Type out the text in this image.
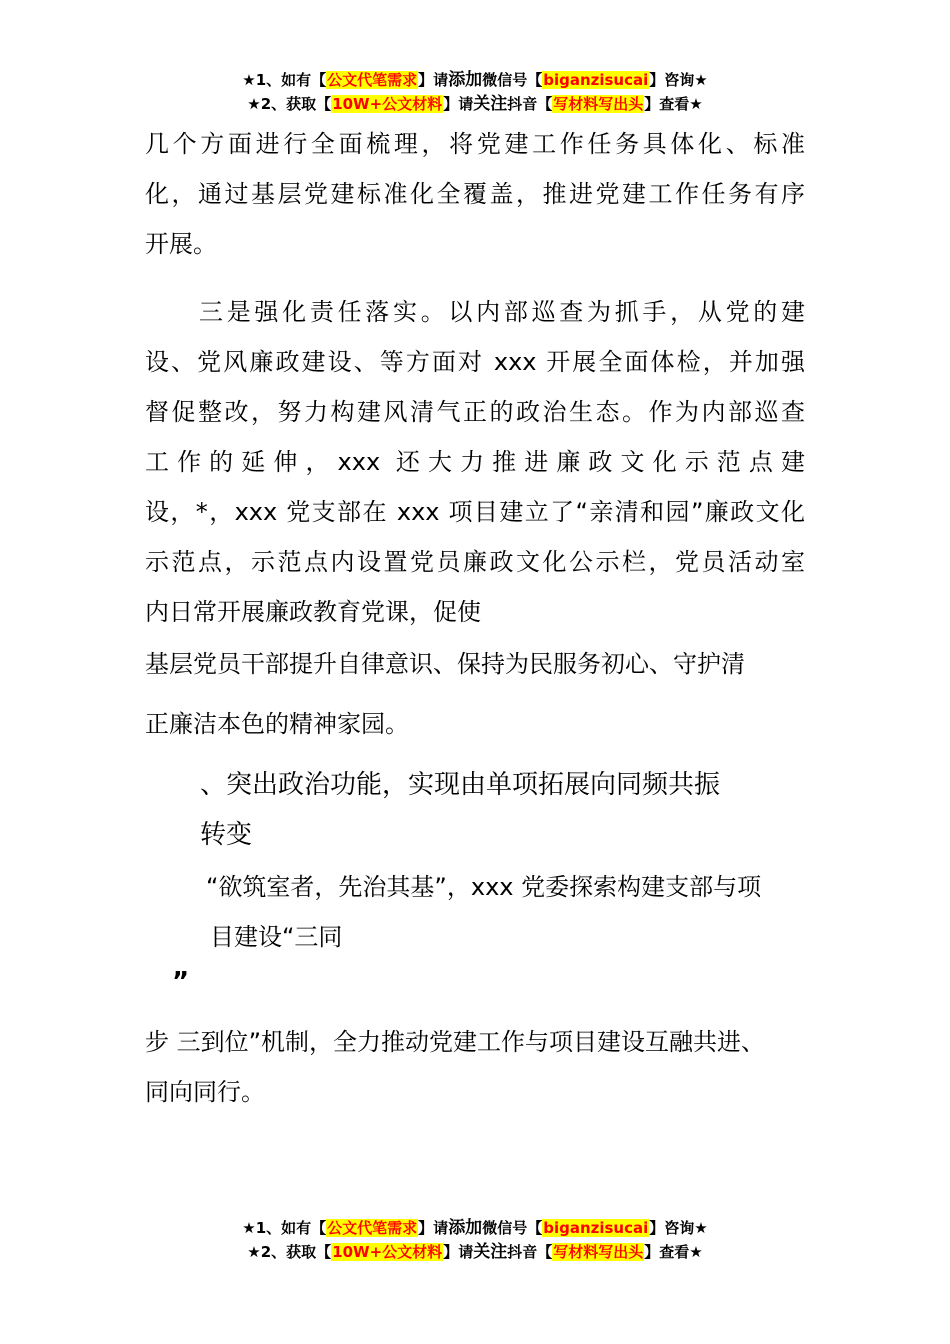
★1、如有【公文代笔需求】请添加微信号【biganzisucai】咨询★
★2、获取【10W+公文材料】请关注抖音【写材料写出头】查看★
几个方面进行全面梳理，将党建工作任务具体化、标准
化，通过基层党建标准化全覆盖，推进党建工作任务有序
开展。
三是强化责任落实。以内部巡查为抓手，从党的建
设、党风廉政建设、等方面对 xxx 开展全面体检，并加强
督促整改，努力构建风清气正的政治生态。作为内部巡查
工作的延伸，xxx 还大力推进廉政文化示范点建
设，*，xxx 党支部在 xxx 项目建立了“亲清和园”廉政文化
示范点，示范点内设置党员廉政文化公示栏，党员活动室
内日常开展廉政教育党课，促使
基层党员干部提升自律意识、保持为民服务初心、守护清
正廉洁本色的精神家园。
、突出政治功能，实现由单项拓展向同频共振
转变
“欲筑室者，先治其基”，xxx 党委探索构建支部与项
目建设“三同
”
步 三到位”机制，全力推动党建工作与项目建设互融共进、
同向同行。
★1、如有【公文代笔需求】请添加微信号【biganzisucai】咨询★
★2、获取【10W+公文材料】请关注抖音【写材料写出头】查看★
